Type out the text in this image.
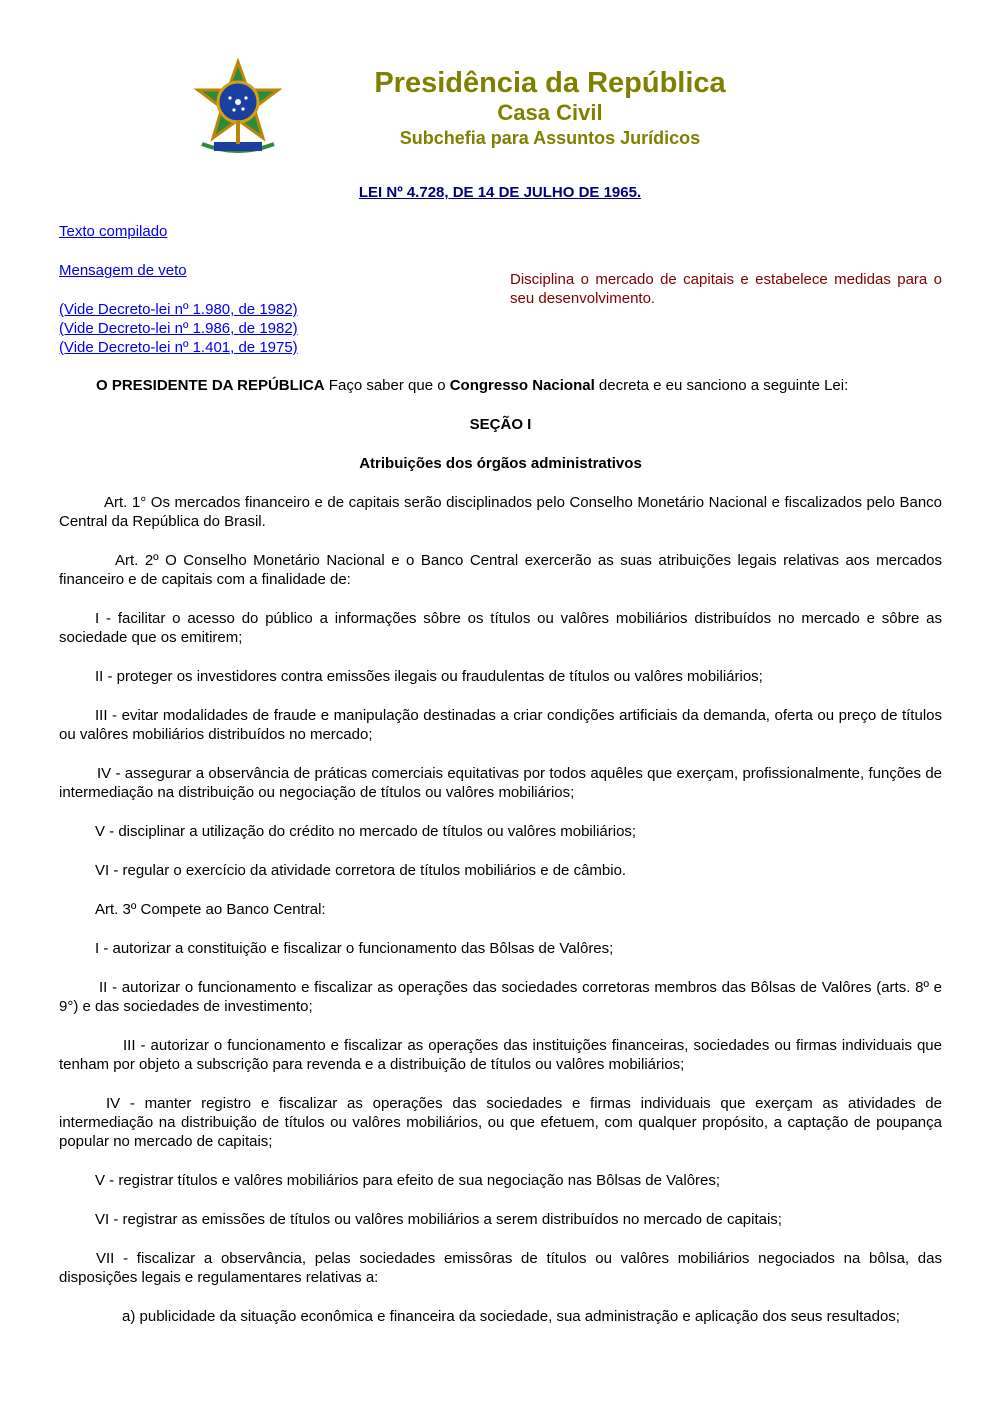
Presidência da República
Casa Civil
Subchefia para Assuntos Jurídicos
LEI Nº 4.728, DE 14 DE JULHO DE 1965.
Texto compilado
Mensagem de veto
(Vide Decreto-lei nº 1.980, de 1982)
(Vide Decreto-lei nº 1.986, de 1982)
(Vide Decreto-lei nº 1.401, de 1975)
Disciplina o mercado de capitais e estabelece medidas para o seu desenvolvimento.

O PRESIDENTE DA REPÚBLICA Faço saber que o Congresso Nacional decreta e eu sanciono a seguinte Lei:

SEÇÃO I

Atribuições dos órgãos administrativos

Art. 1° Os mercados financeiro e de capitais serão disciplinados pelo Conselho Monetário Nacional e fiscalizados pelo Banco Central da República do Brasil.

Art. 2º O Conselho Monetário Nacional e o Banco Central exercerão as suas atribuições legais relativas aos mercados financeiro e de capitais com a finalidade de:

I - facilitar o acesso do público a informações sôbre os títulos ou valôres mobiliários distribuídos no mercado e sôbre as sociedade que os emitirem;

II - proteger os investidores contra emissões ilegais ou fraudulentas de títulos ou valôres mobiliários;

III - evitar modalidades de fraude e manipulação destinadas a criar condições artificiais da demanda, oferta ou preço de títulos ou valôres mobiliários distribuídos no mercado;

IV - assegurar a observância de práticas comerciais equitativas por todos aquêles que exerçam, profissionalmente, funções de intermediação na distribuição ou negociação de títulos ou valôres mobiliários;

V - disciplinar a utilização do crédito no mercado de títulos ou valôres mobiliários;

VI - regular o exercício da atividade corretora de títulos mobiliários e de câmbio.

Art. 3º Compete ao Banco Central:

I - autorizar a constituição e fiscalizar o funcionamento das Bôlsas de Valôres;

II - autorizar o funcionamento e fiscalizar as operações das sociedades corretoras membros das Bôlsas de Valôres (arts. 8º e 9°) e das sociedades de investimento;

III - autorizar o funcionamento e fiscalizar as operações das instituições financeiras, sociedades ou firmas individuais que tenham por objeto a subscrição para revenda e a distribuição de títulos ou valôres mobiliários;

IV - manter registro e fiscalizar as operações das sociedades e firmas individuais que exerçam as atividades de intermediação na distribuição de títulos ou valôres mobiliários, ou que efetuem, com qualquer propósito, a captação de poupança popular no mercado de capitais;

V - registrar títulos e valôres mobiliários para efeito de sua negociação nas Bôlsas de Valôres;

VI - registrar as emissões de títulos ou valôres mobiliários a serem distribuídos no mercado de capitais;

VII - fiscalizar a observância, pelas sociedades emissôras de títulos ou valôres mobiliários negociados na bôlsa, das disposições legais e regulamentares relativas a:

a) publicidade da situação econômica e financeira da sociedade, sua administração e aplicação dos seus resultados;
